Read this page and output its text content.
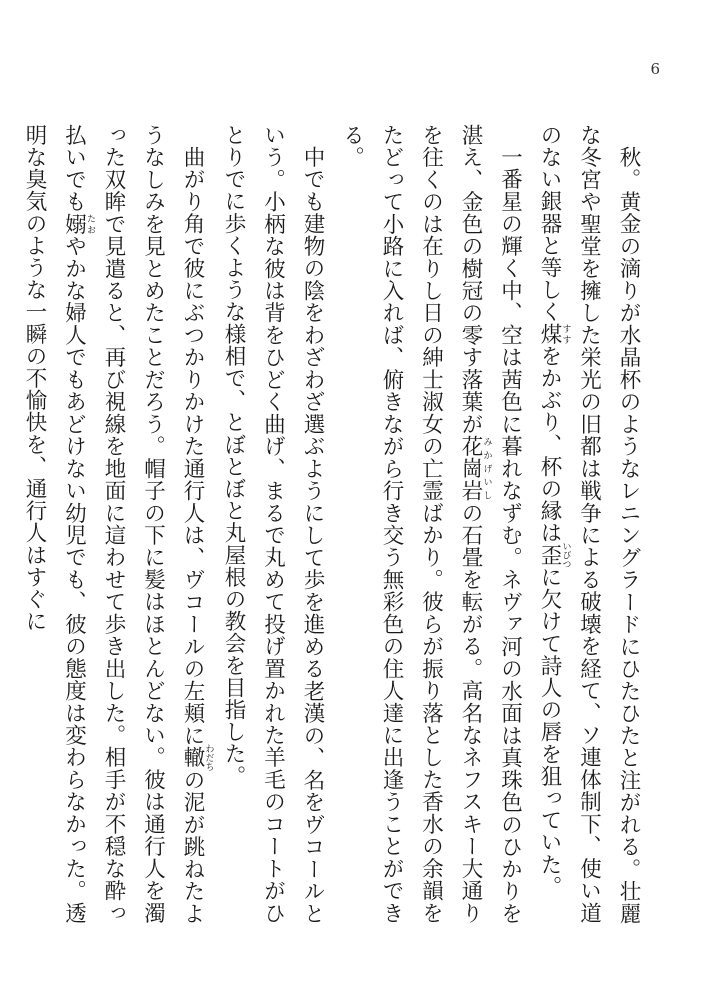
6

秋。黄金の滴りが水晶杯のようなレニングラードにひたひたと注がれる。壮麗な冬宮や聖堂を擁した栄光の旧都は戦争による破壊を経て、ソ連体制下、使い道のない銀器と等しく煤すすをかぶり、杯の縁は歪いびつに欠けて詩人の唇を狙っていた。

一番星の輝く中、空は茜色に暮れなずむ。ネヴァ河の水面は真珠色のひかりを湛え、金色の樹冠の零す落葉が花崗岩みかげいしの石畳を転がる。高名なネフスキー大通りを往くのは在りし日の紳士淑女の亡霊ばかり。彼らが振り落とした香水の余韻をたどって小路に入れば、俯きながら行き交う無彩色の住人達に出逢うことができる。

中でも建物の陰をわざわざ選ぶようにして歩を進める老漢の、名をヴコールという。小柄な彼は背をひどく曲げ、まるで丸めて投げ置かれた羊毛のコートがひとりでに歩くような様相で、とぼとぼと丸屋根の教会を目指した。

曲がり角で彼にぶつかりかけた通行人は、ヴコールの左頬に轍わだちの泥が跳ねたようなしみを見とめたことだろう。帽子の下に髪はほとんどない。彼は通行人を濁った双眸で見遣ると、再び視線を地面に這わせて歩き出した。相手が不穏な酔っ払いでも嫋たおやかな婦人でもあどけない幼児でも、彼の態度は変わらなかった。透明な臭気のような一瞬の不愉快を、通行人はすぐに
